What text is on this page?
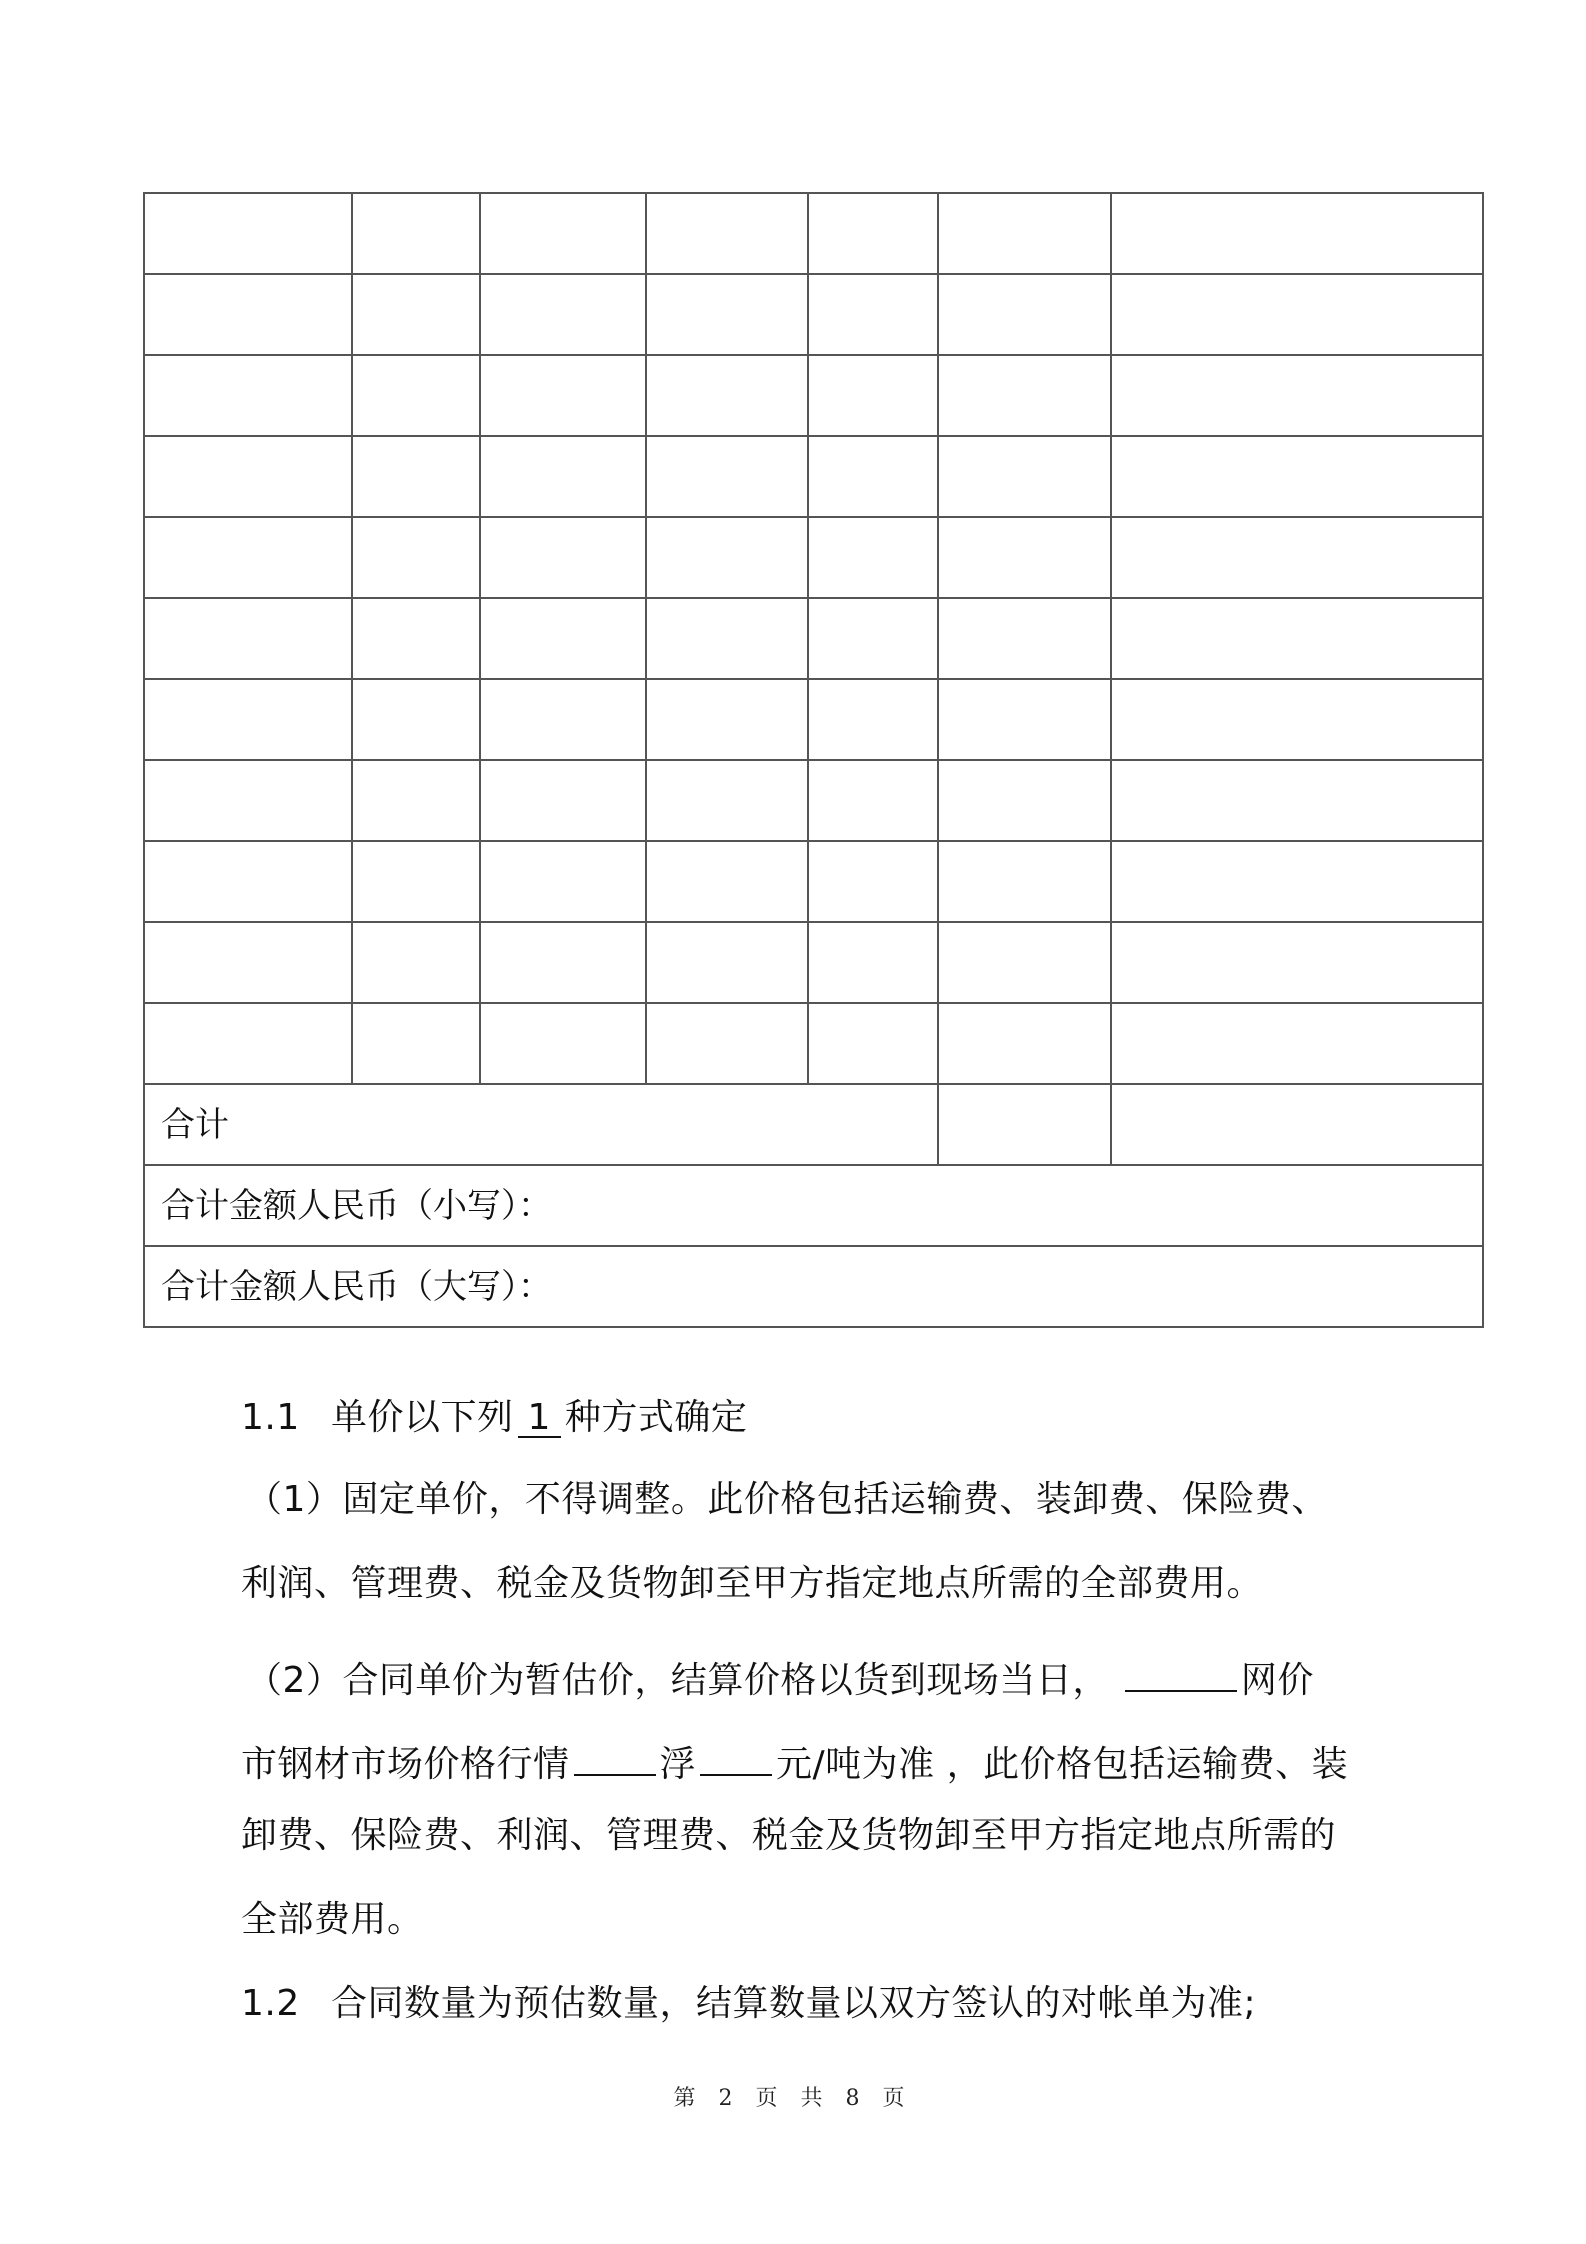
合计						
合计金额人民币（小写）：						
合计金额人民币（大写）：						
1.1 单价以下列 1 种方式确定
（1）固定单价，不得调整。此价格包括运输费、装卸费、保险费、
利润、管理费、税金及货物卸至甲方指定地点所需的全部费用。
（2）合同单价为暂估价，结算价格以货到现场当日，	网价
市钢材市场价格行情	浮 元/吨为准 ，此价格包括运输费、装
卸费、保险费、利润、管理费、税金及货物卸至甲方指定地点所需的
全部费用。
1.2 合同数量为预估数量，结算数量以双方签认的对帐单为准;
第 2 页 共 8 页
